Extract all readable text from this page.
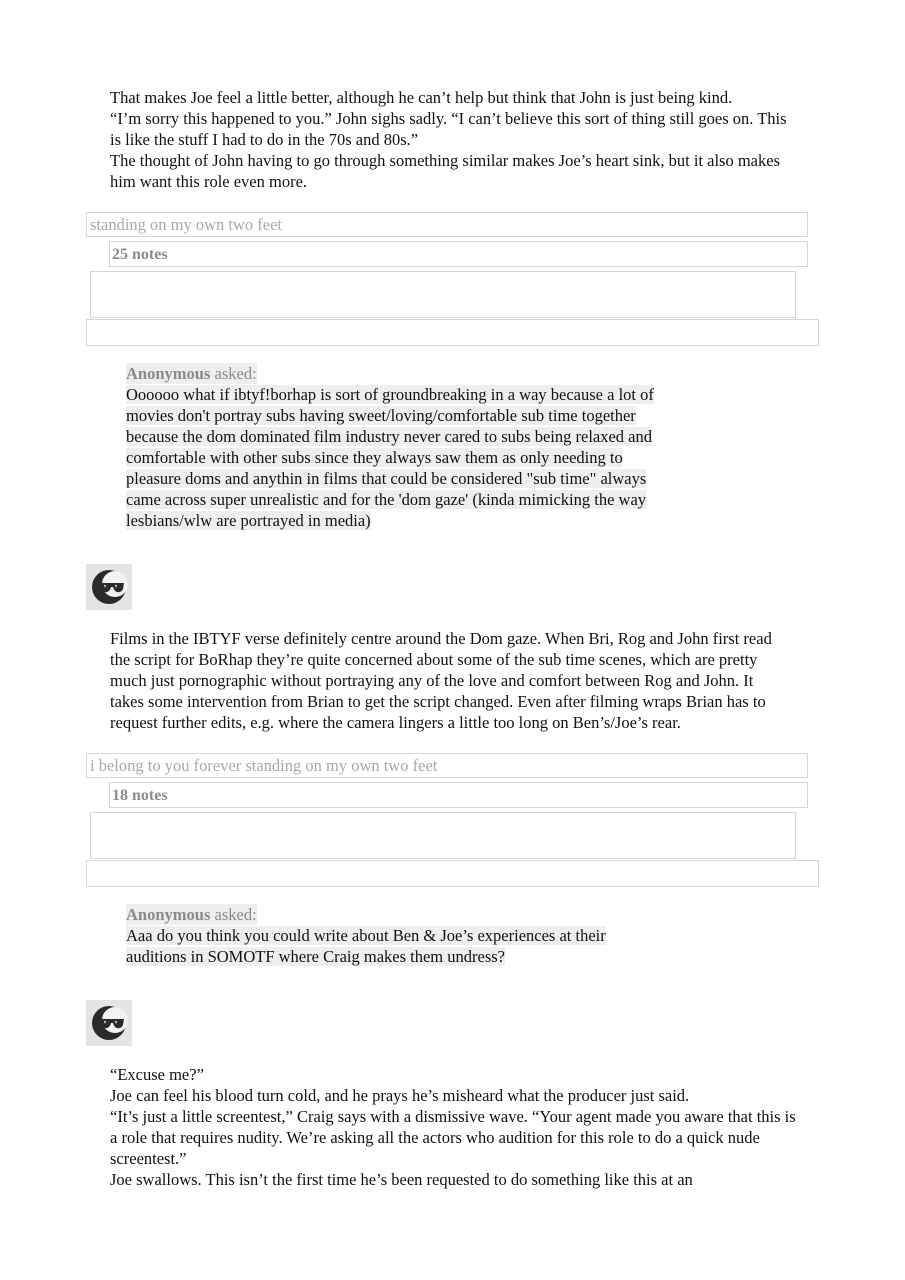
That makes Joe feel a little better, although he can’t help but think that John is just being kind.

“I’m sorry this happened to you.” John sighs sadly. “I can’t believe this sort of thing still goes on. This is like the stuff I had to do in the 70s and 80s.”

The thought of John having to go through something similar makes Joe’s heart sink, but it also makes him want this role even more.

standing on my own two feet
25 notes
Anonymous asked:
Oooooo what if ibtyf!borhap is sort of groundbreaking in a way because a lot of
movies don't portray subs having sweet/loving/comfortable sub time together
because the dom dominated film industry never cared to subs being relaxed and
comfortable with other subs since they always saw them as only needing to
pleasure doms and anythin in films that could be considered "sub time" always
came across super unrealistic and for the 'dom gaze' (kinda mimicking the way
lesbians/wlw are portrayed in media)

Films in the IBTYF verse definitely centre around the Dom gaze. When Bri, Rog and John first read the script for BoRhap they’re quite concerned about some of the sub time scenes, which are pretty much just pornographic without portraying any of the love and comfort between Rog and John. It takes some intervention from Brian to get the script changed. Even after filming wraps Brian has to request further edits, e.g. where the camera lingers a little too long on Ben’s/Joe’s rear.

i belong to you forever standing on my own two feet
18 notes
Anonymous asked:
Aaa do you think you could write about Ben & Joe’s experiences at their
auditions in SOMOTF where Craig makes them undress?

“Excuse me?”

Joe can feel his blood turn cold, and he prays he’s misheard what the producer just said.

“It’s just a little screentest,” Craig says with a dismissive wave. “Your agent made you aware that this is a role that requires nudity. We’re asking all the actors who audition for this role to do a quick nude screentest.”

Joe swallows. This isn’t the first time he’s been requested to do something like this at an
